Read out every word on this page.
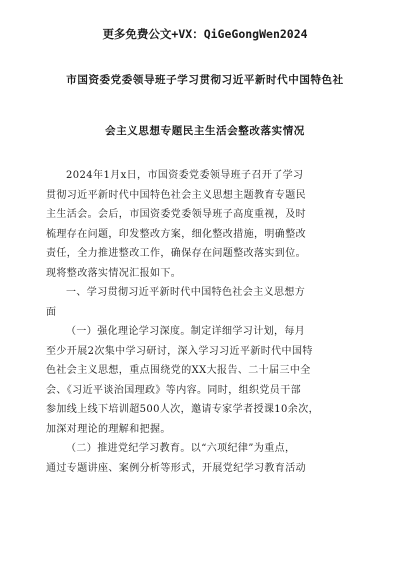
更多免费公文+VX：QiGeGongWen2024
市国资委党委领导班子学习贯彻习近平新时代中国特色社
会主义思想专题民主生活会整改落实情况

2024年1月x日，市国资委党委领导班子召开了学习
贯彻习近平新时代中国特色社会主义思想主题教育专题民
主生活会。会后，市国资委党委领导班子高度重视，及时
梳理存在问题，印发整改方案，细化整改措施，明确整改
责任，全力推进整改工作，确保存在问题整改落实到位。
现将整改落实情况汇报如下。

一、学习贯彻习近平新时代中国特色社会主义思想方
面

（一）强化理论学习深度。制定详细学习计划，每月
至少开展2次集中学习研讨，深入学习习近平新时代中国特
色社会主义思想，重点围绕党的XX大报告、二十届三中全
会、《习近平谈治国理政》等内容。同时，组织党员干部
参加线上线下培训超500人次，邀请专家学者授课10余次，
加深对理论的理解和把握。

（二）推进党纪学习教育。以“六项纪律”为重点，
通过专题讲座、案例分析等形式，开展党纪学习教育活动
